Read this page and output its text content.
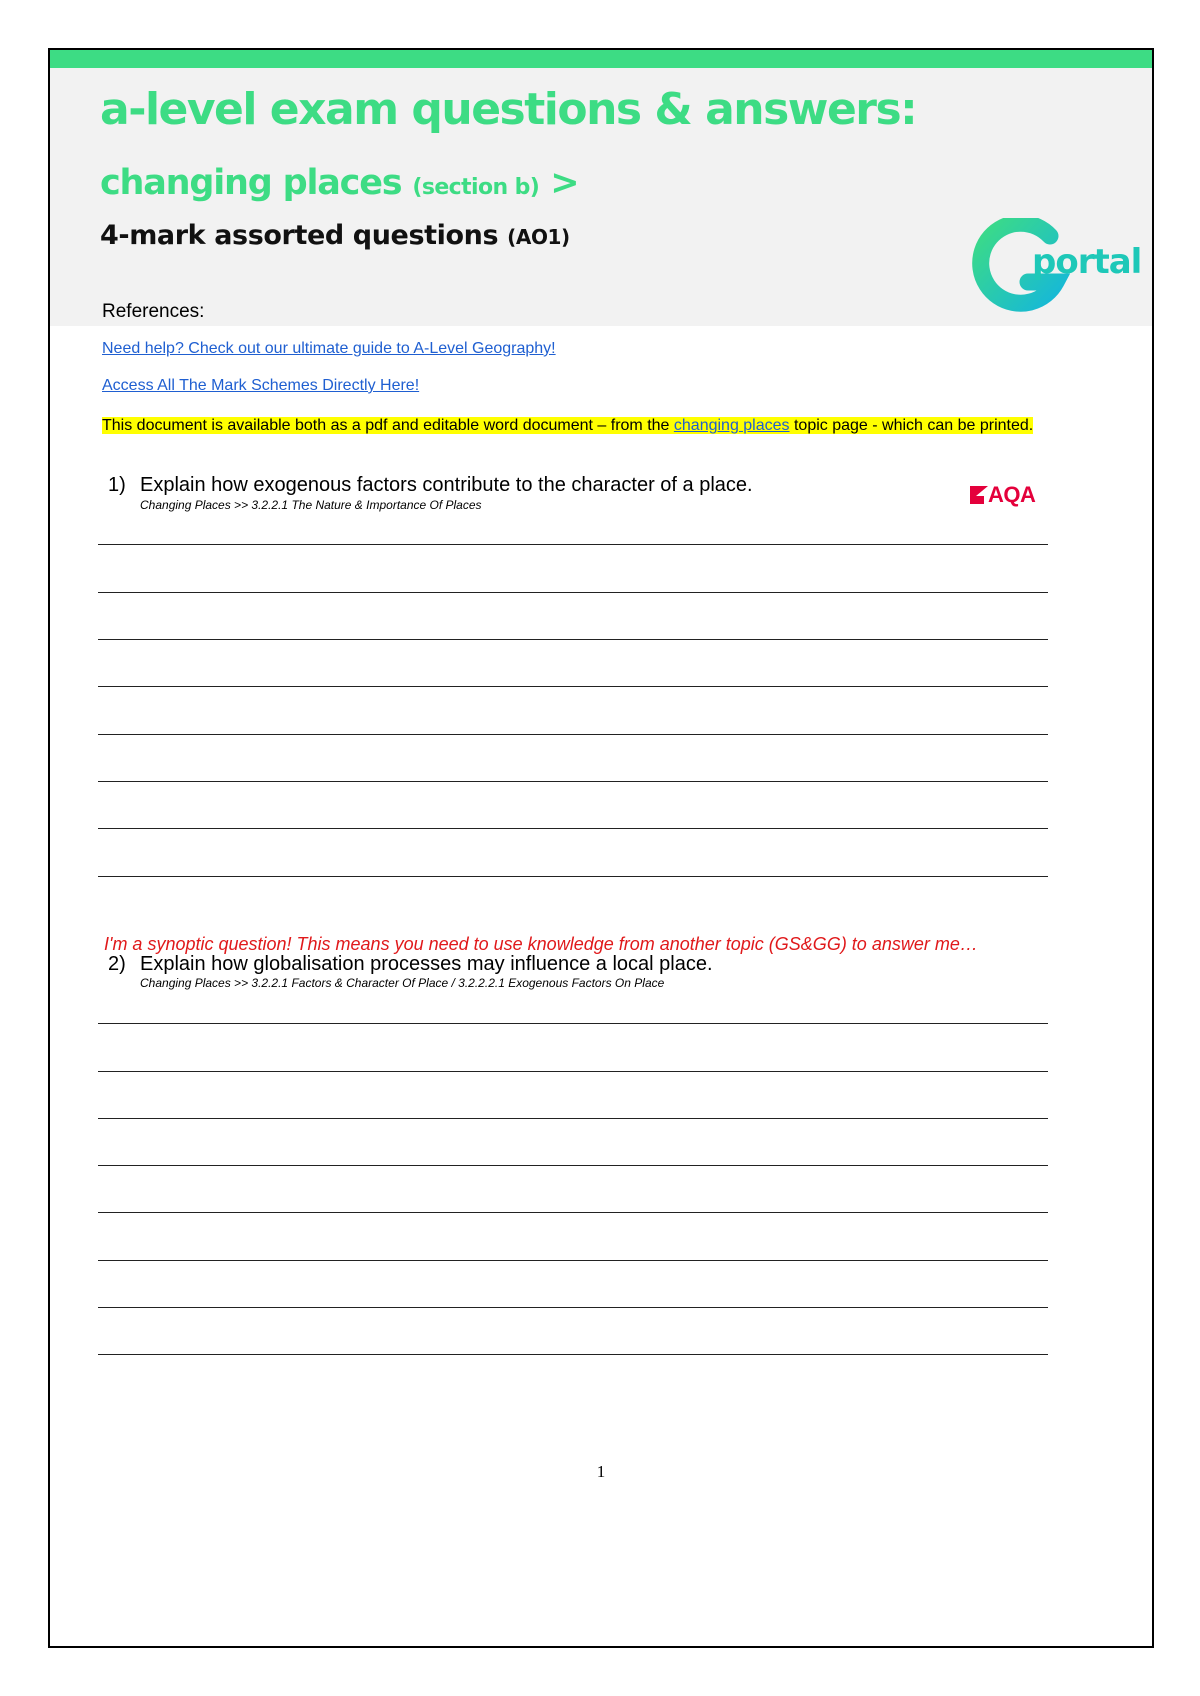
a-level exam questions & answers:
changing places (section b) >
4-mark assorted questions (AO1)
portal

References:

Need help? Check out our ultimate guide to A-Level Geography!
Access All The Mark Schemes Directly Here!

This document is available both as a pdf and editable word document – from the changing places topic page - which can be printed.

1) Explain how exogenous factors contribute to the character of a place.

Changing Places >> 3.2.2.1 The Nature & Importance Of Places	AQA

I'm a synoptic question! This means you need to use knowledge from another topic (GS&GG) to answer me…

2) Explain how globalisation processes may influence a local place.

Changing Places >> 3.2.2.1 Factors & Character Of Place / 3.2.2.2.1 Exogenous Factors On Place

1
